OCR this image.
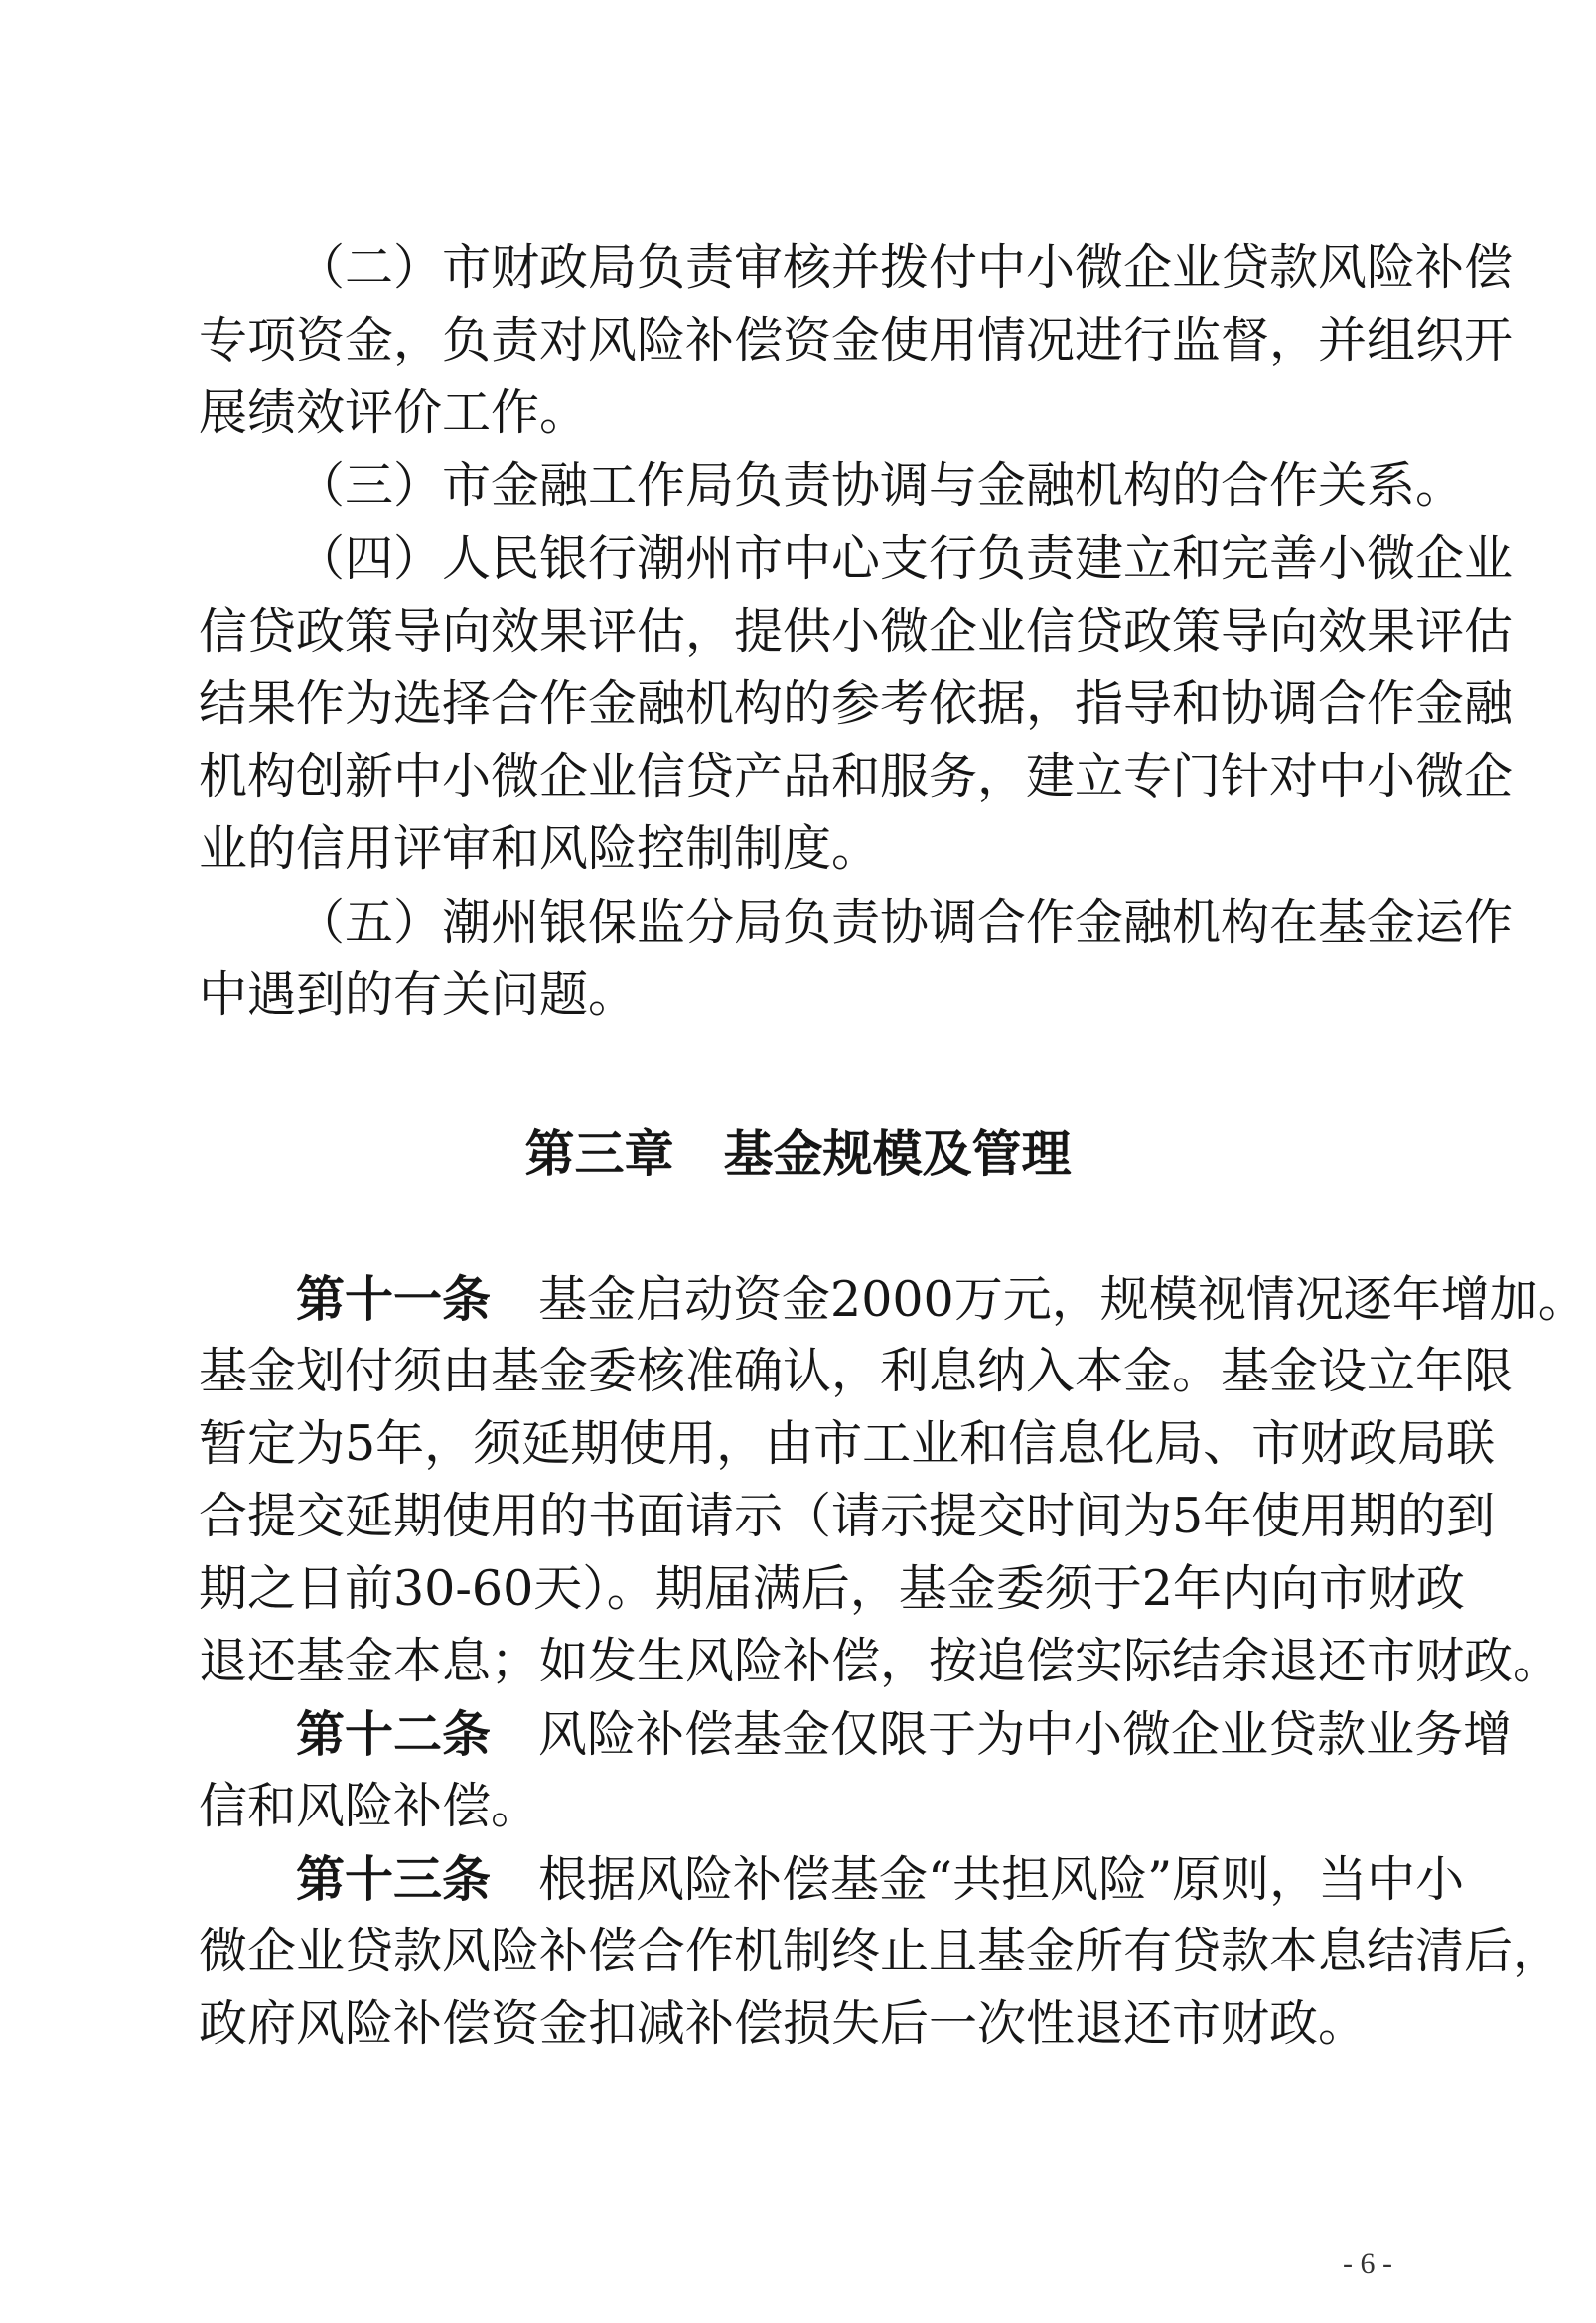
（二）市财政局负责审核并拨付中小微企业贷款风险补偿
专项资金，负责对风险补偿资金使用情况进行监督，并组织开
展绩效评价工作。
（三）市金融工作局负责协调与金融机构的合作关系。
（四）人民银行潮州市中心支行负责建立和完善小微企业
信贷政策导向效果评估，提供小微企业信贷政策导向效果评估
结果作为选择合作金融机构的参考依据，指导和协调合作金融
机构创新中小微企业信贷产品和服务，建立专门针对中小微企
业的信用评审和风险控制制度。
（五）潮州银保监分局负责协调合作金融机构在基金运作
中遇到的有关问题。
第三章　基金规模及管理
第十一条 基金启动资金2000万元，规模视情况逐年增加。
基金划付须由基金委核准确认，利息纳入本金。基金设立年限
暂定为5年，须延期使用，由市工业和信息化局、市财政局联
合提交延期使用的书面请示（请示提交时间为5年使用期的到
期之日前30-60天）。期届满后，基金委须于2年内向市财政
退还基金本息；如发生风险补偿，按追偿实际结余退还市财政。
第十二条 风险补偿基金仅限于为中小微企业贷款业务增
信和风险补偿。
第十三条 根据风险补偿基金“共担风险”原则，当中小
微企业贷款风险补偿合作机制终止且基金所有贷款本息结清后，
政府风险补偿资金扣减补偿损失后一次性退还市财政。
- 6 -
